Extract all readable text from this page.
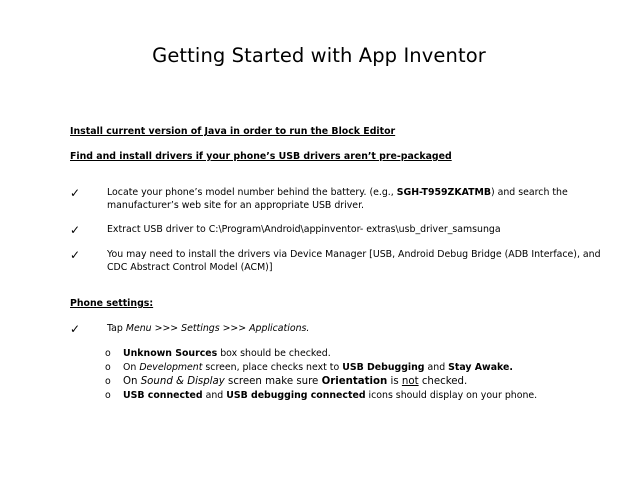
Getting Started with App Inventor
Install current version of Java in order to run the Block Editor
Find and install drivers if your phone’s USB drivers aren’t pre-packaged
✓	Locate your phone’s model number behind the battery. (e.g., SGH-T959ZKATMB) and search the manufacturer’s web site for an appropriate USB driver.
✓	Extract USB driver to C:\Program\Android\appinventor- extras\usb_driver_samsunga
✓	You may need to install the drivers via Device Manager [USB, Android Debug Bridge (ADB Interface), and CDC Abstract Control Model (ACM)]
Phone settings:
✓	Tap Menu >>> Settings >>> Applications.
o Unknown Sources box should be checked.
o On Development screen, place checks next to USB Debugging and Stay Awake.
o On Sound & Display screen make sure Orientation is not checked.
o USB connected and USB debugging connected icons should display on your phone.
